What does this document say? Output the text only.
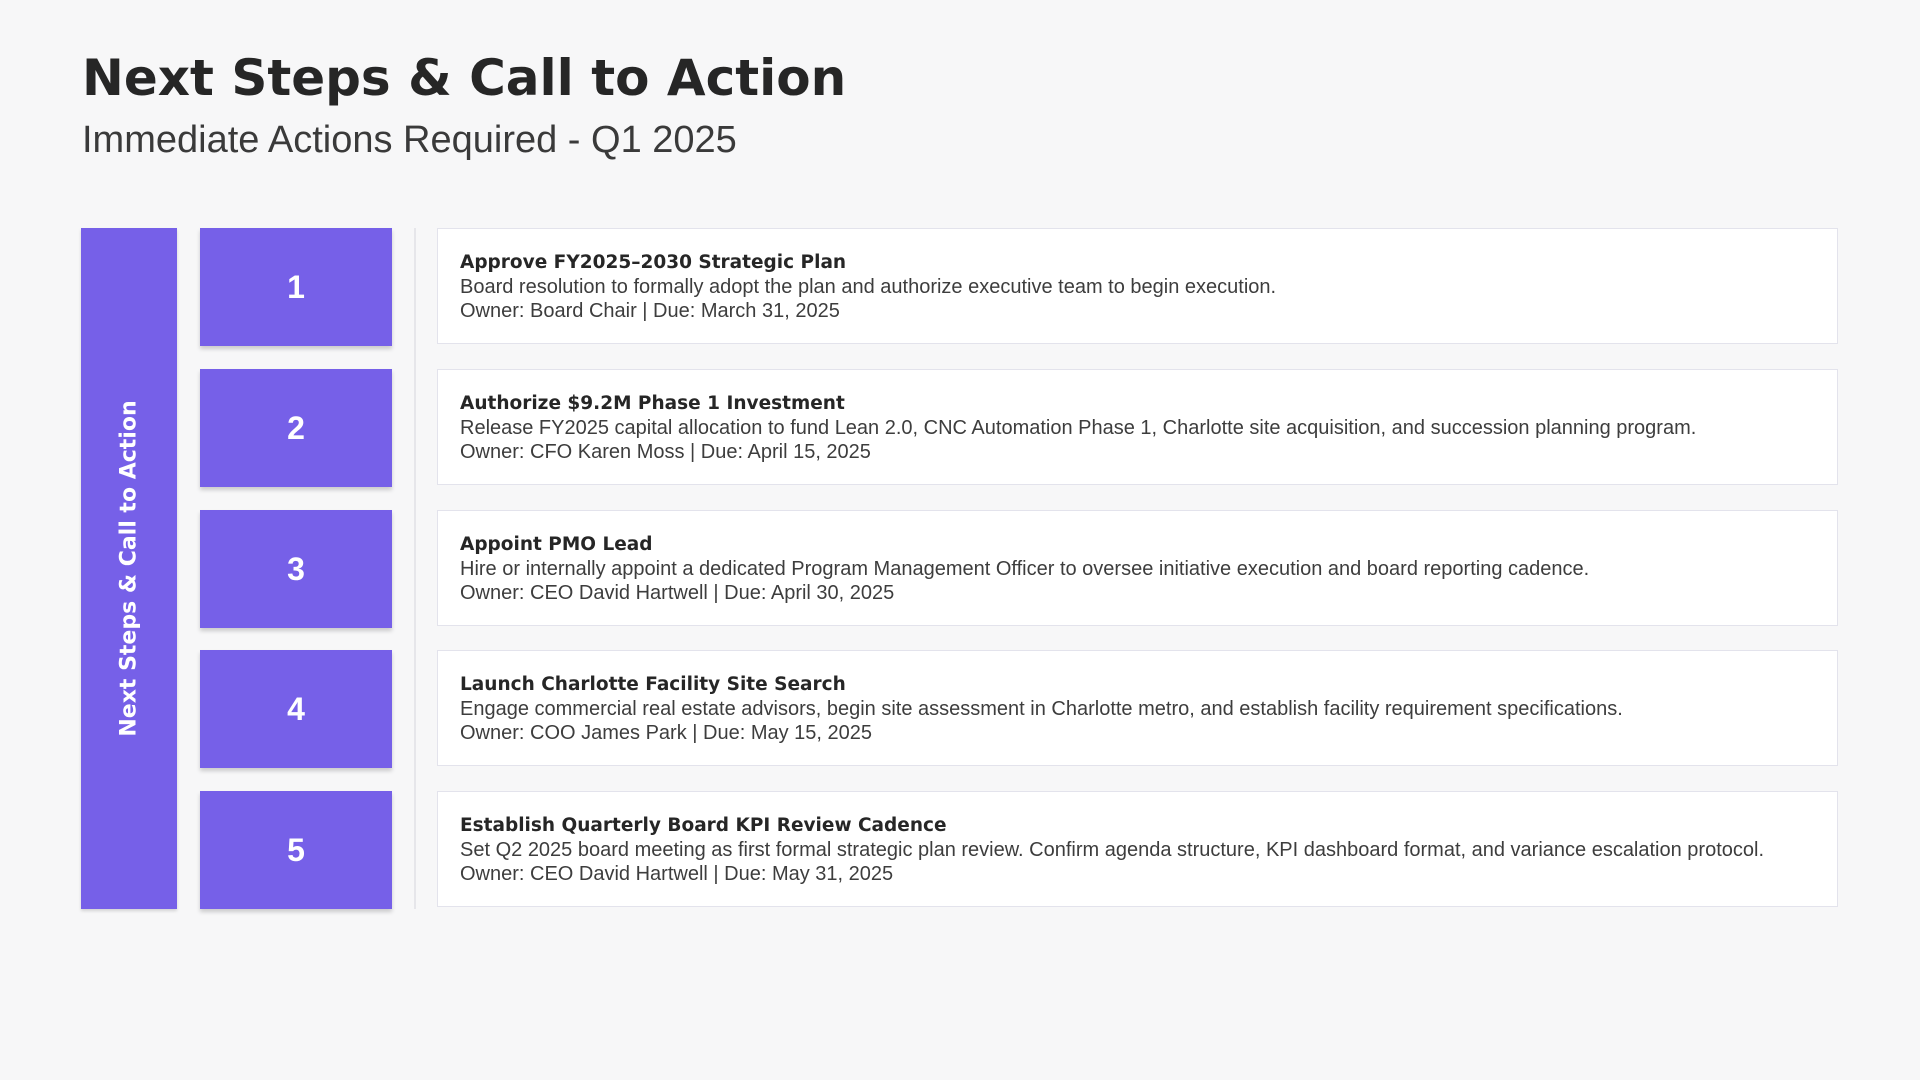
Next Steps & Call to Action
Immediate Actions Required - Q1 2025
Next Steps & Call to Action
1
Approve FY2025–2030 Strategic Plan
Board resolution to formally adopt the plan and authorize executive team to begin execution.
Owner: Board Chair | Due: March 31, 2025
2
Authorize $9.2M Phase 1 Investment
Release FY2025 capital allocation to fund Lean 2.0, CNC Automation Phase 1, Charlotte site acquisition, and succession planning program.
Owner: CFO Karen Moss | Due: April 15, 2025
3
Appoint PMO Lead
Hire or internally appoint a dedicated Program Management Officer to oversee initiative execution and board reporting cadence.
Owner: CEO David Hartwell | Due: April 30, 2025
4
Launch Charlotte Facility Site Search
Engage commercial real estate advisors, begin site assessment in Charlotte metro, and establish facility requirement specifications.
Owner: COO James Park | Due: May 15, 2025
5
Establish Quarterly Board KPI Review Cadence
Set Q2 2025 board meeting as first formal strategic plan review. Confirm agenda structure, KPI dashboard format, and variance escalation protocol. Owner: CEO David Hartwell | Due: May 31, 2025
